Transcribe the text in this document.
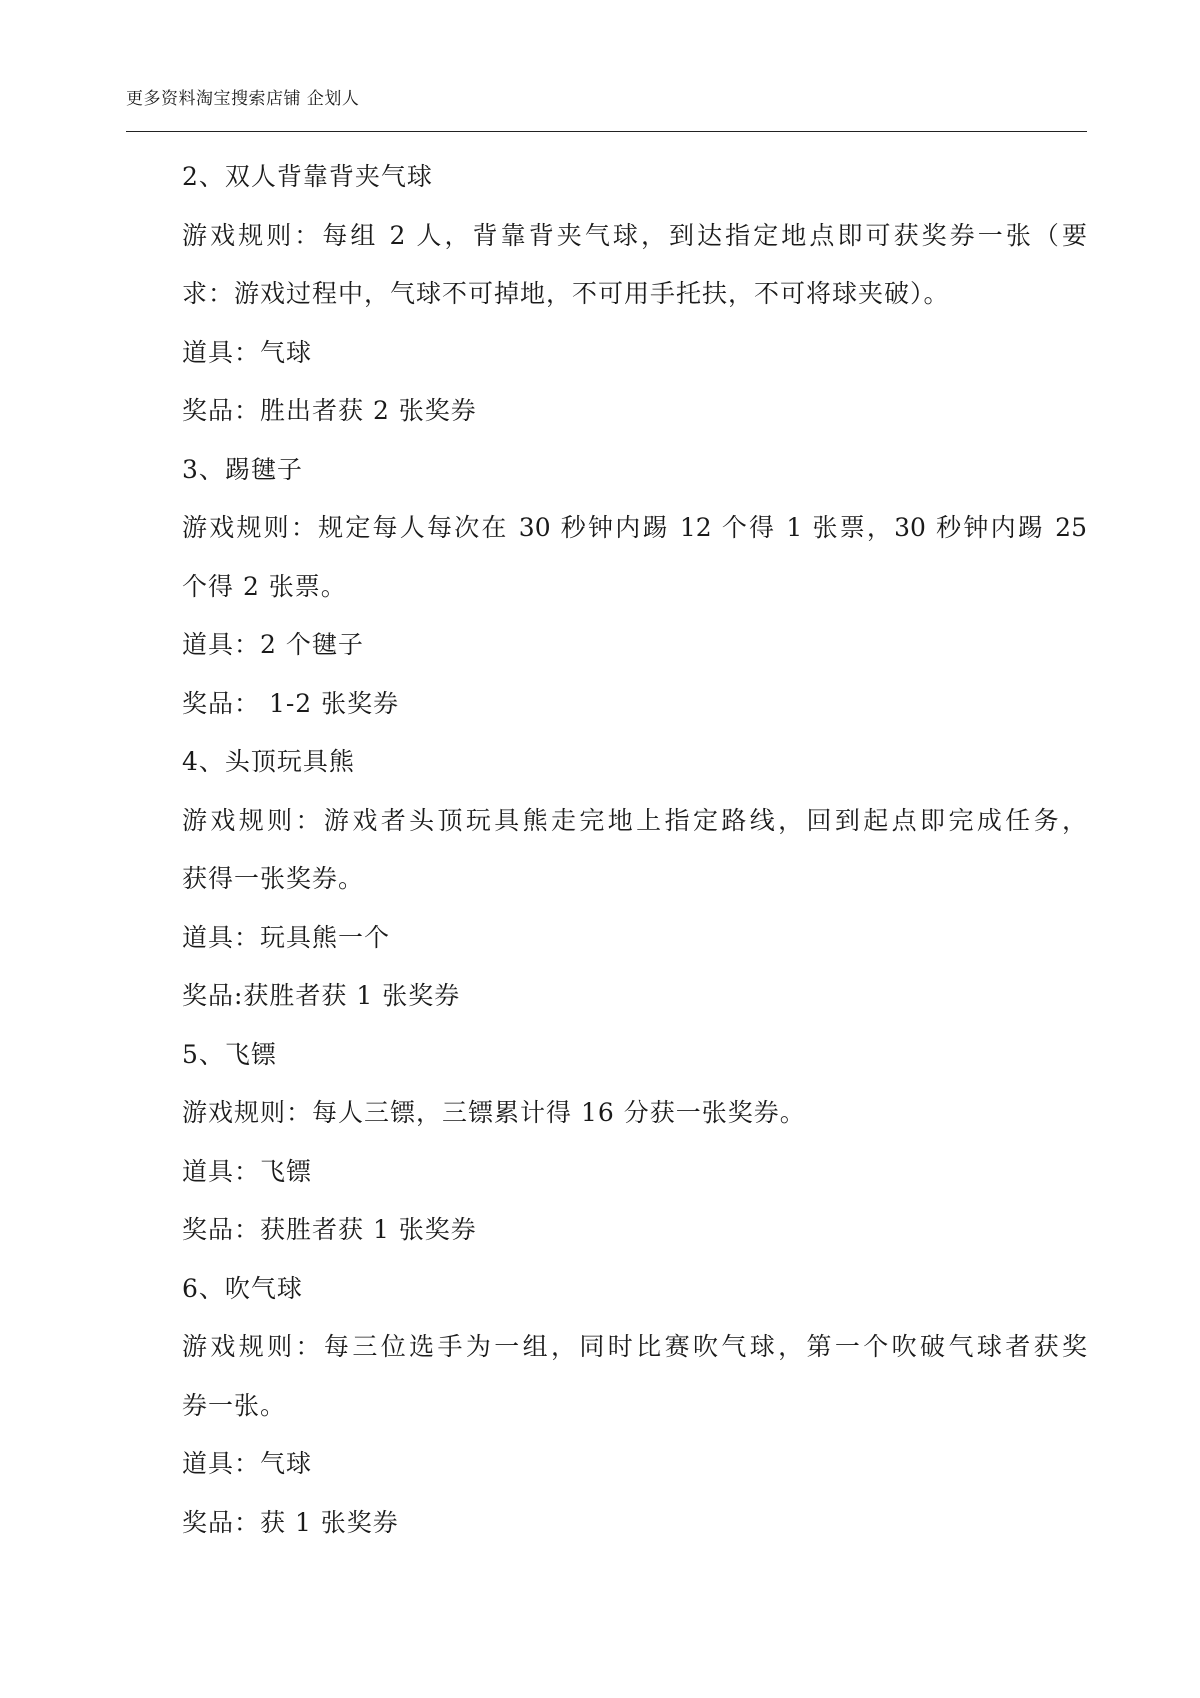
更多资料淘宝搜索店铺 企划人
2、双人背靠背夹气球
游戏规则：每组 2 人，背靠背夹气球，到达指定地点即可获奖券一张（要
求：游戏过程中，气球不可掉地，不可用手托扶，不可将球夹破）。
道具：气球
奖品：胜出者获 2 张奖券
3、踢毽子
游戏规则：规定每人每次在 30 秒钟内踢 12 个得 1 张票，30 秒钟内踢 25
个得 2 张票。
道具：2 个毽子
奖品： 1-2 张奖券
4、头顶玩具熊
游戏规则：游戏者头顶玩具熊走完地上指定路线，回到起点即完成任务，
获得一张奖券。
道具：玩具熊一个
奖品:获胜者获 1 张奖券
5、飞镖
游戏规则：每人三镖，三镖累计得 16 分获一张奖券。
道具：飞镖
奖品：获胜者获 1 张奖券
6、吹气球
游戏规则：每三位选手为一组，同时比赛吹气球，第一个吹破气球者获奖
券一张。
道具：气球
奖品：获 1 张奖券
